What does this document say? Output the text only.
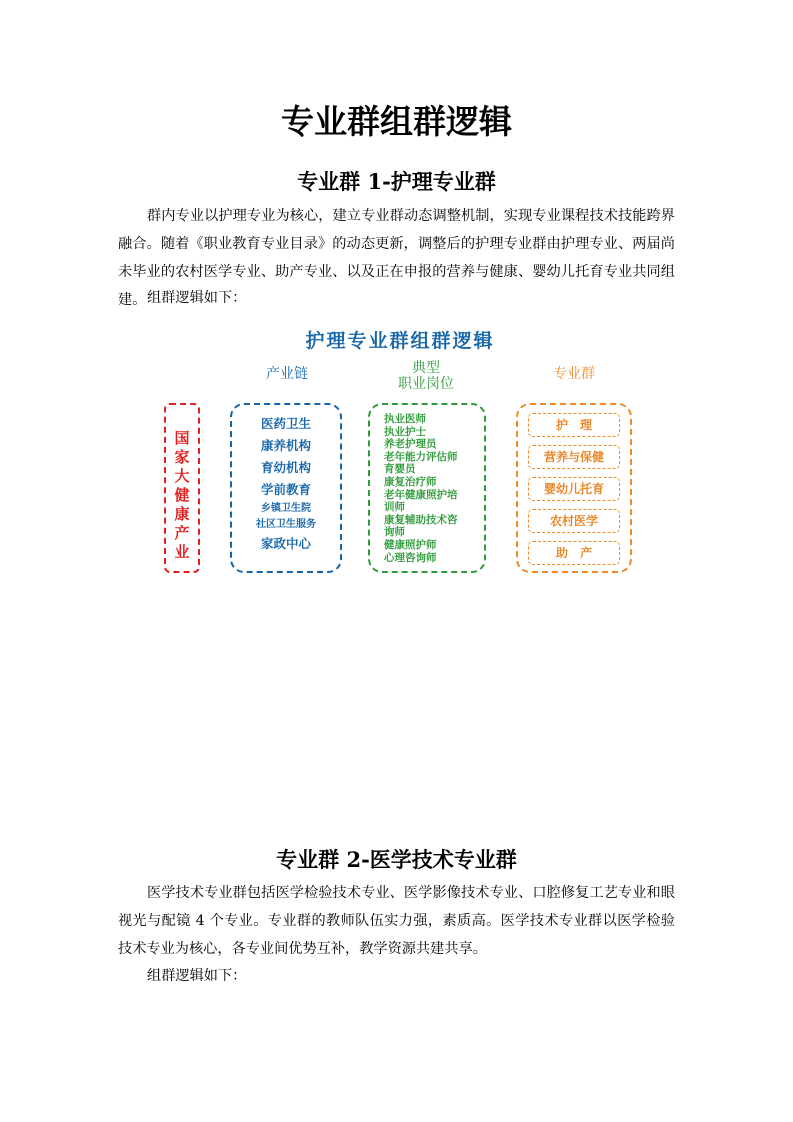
专业群组群逻辑
专业群 1-护理专业群
群内专业以护理专业为核心，建立专业群动态调整机制，实现专业课程技术技能跨界融合。随着《职业教育专业目录》的动态更新，调整后的护理专业群由护理专业、两届尚未毕业的农村医学专业、助产专业、以及正在申报的营养与健康、婴幼儿托育专业共同组建。 组群逻辑如下：
护理专业群组群逻辑
产业链	典型
职业岗位
专业群
国
家
大
健
康
产
业
医药卫生
康养机构
育幼机构
学前教育
乡镇卫生院
社区卫生服务
家政中心
执业医师
执业护士
养老护理员
老年能力评估师
育婴员
康复治疗师
老年健康照护培
训师
康复辅助技术咨
询师
健康照护师
心理咨询师
护　理
营养与保健
婴幼儿托育
农村医学
助　产
专业群 2-医学技术专业群
医学技术专业群包括医学检验技术专业、医学影像技术专业、口腔修复工艺专业和眼视光与配镜 4 个专业。专业群的教师队伍实力强，素质高。医学技术专业群以医学检验技术专业为核心，各专业间优势互补，教学资源共建共享。
组群逻辑如下：
